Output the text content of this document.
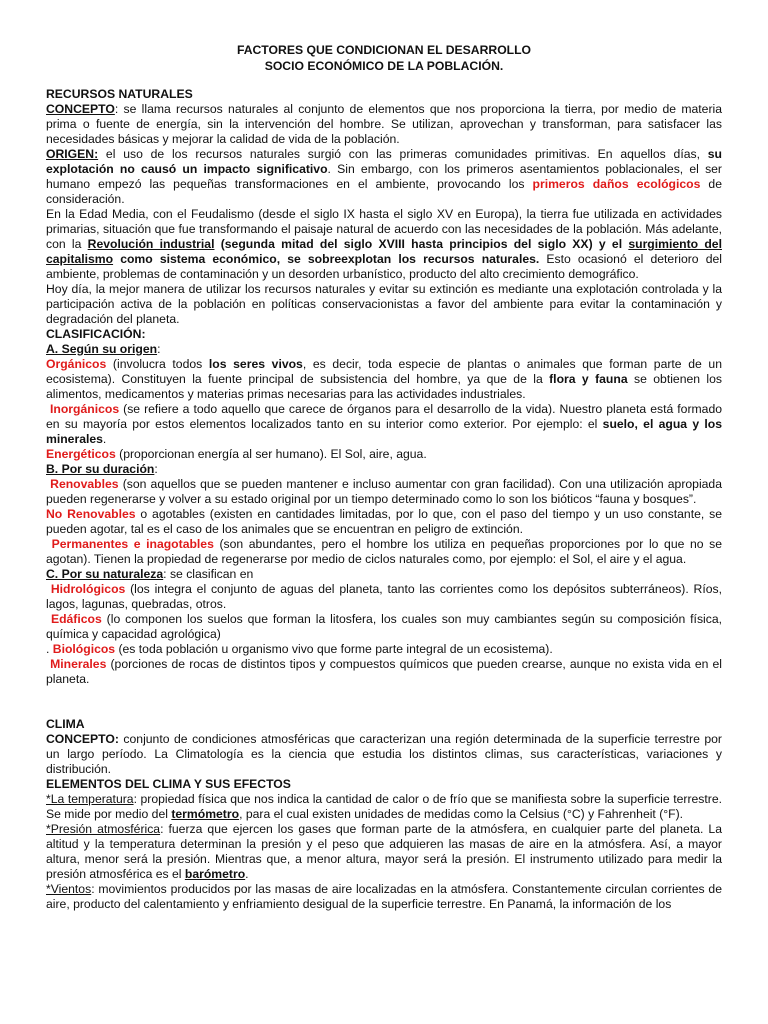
FACTORES QUE CONDICIONAN EL DESARROLLO
SOCIO ECONÓMICO DE LA POBLACIÓN.

RECURSOS NATURALES

CONCEPTO: se llama recursos naturales al conjunto de elementos que nos proporciona la tierra, por medio de materia prima o fuente de energía, sin la intervención del hombre. Se utilizan, aprovechan y transforman, para satisfacer las necesidades básicas y mejorar la calidad de vida de la población.

ORIGEN: el uso de los recursos naturales surgió con las primeras comunidades primitivas. En aquellos días, su explotación no causó un impacto significativo. Sin embargo, con los primeros asentamientos poblacionales, el ser humano empezó las pequeñas transformaciones en el ambiente, provocando los primeros daños ecológicos de consideración.

En la Edad Media, con el Feudalismo (desde el siglo IX hasta el siglo XV en Europa), la tierra fue utilizada en actividades primarias, situación que fue transformando el paisaje natural de acuerdo con las necesidades de la población. Más adelante, con la Revolución industrial (segunda mitad del siglo XVIII hasta principios del siglo XX) y el surgimiento del capitalismo como sistema económico, se sobreexplotan los recursos naturales. Esto ocasionó el deterioro del ambiente, problemas de contaminación y un desorden urbanístico, producto del alto crecimiento demográfico.

Hoy día, la mejor manera de utilizar los recursos naturales y evitar su extinción es mediante una explotación controlada y la participación activa de la población en políticas conservacionistas a favor del ambiente para evitar la contaminación y degradación del planeta.

CLASIFICACIÓN:

A. Según su origen:

Orgánicos (involucra todos los seres vivos, es decir, toda especie de plantas o animales que forman parte de un ecosistema). Constituyen la fuente principal de subsistencia del hombre, ya que de la flora y fauna se obtienen los alimentos, medicamentos y materias primas necesarias para las actividades industriales.

Inorgánicos (se refiere a todo aquello que carece de órganos para el desarrollo de la vida). Nuestro planeta está formado en su mayoría por estos elementos localizados tanto en su interior como exterior. Por ejemplo: el suelo, el agua y los minerales.

Energéticos (proporcionan energía al ser humano). El Sol, aire, agua.

B. Por su duración:

Renovables (son aquellos que se pueden mantener e incluso aumentar con gran facilidad). Con una utilización apropiada pueden regenerarse y volver a su estado original por un tiempo determinado como lo son los bióticos “fauna y bosques”.

No Renovables o agotables (existen en cantidades limitadas, por lo que, con el paso del tiempo y un uso constante, se pueden agotar, tal es el caso de los animales que se encuentran en peligro de extinción.

Permanentes e inagotables (son abundantes, pero el hombre los utiliza en pequeñas proporciones por lo que no se agotan). Tienen la propiedad de regenerarse por medio de ciclos naturales como, por ejemplo: el Sol, el aire y el agua.

C. Por su naturaleza: se clasifican en

Hidrológicos (los integra el conjunto de aguas del planeta, tanto las corrientes como los depósitos subterráneos). Ríos, lagos, lagunas, quebradas, otros.

Edáficos (lo componen los suelos que forman la litosfera, los cuales son muy cambiantes según su composición física, química y capacidad agrológica)

. Biológicos (es toda población u organismo vivo que forme parte integral de un ecosistema).

Minerales (porciones de rocas de distintos tipos y compuestos químicos que pueden crearse, aunque no exista vida en el planeta.

CLIMA

CONCEPTO: conjunto de condiciones atmosféricas que caracterizan una región determinada de la superficie terrestre por un largo período. La Climatología es la ciencia que estudia los distintos climas, sus características, variaciones y distribución.

ELEMENTOS DEL CLIMA Y SUS EFECTOS

*La temperatura: propiedad física que nos indica la cantidad de calor o de frío que se manifiesta sobre la superficie terrestre. Se mide por medio del termómetro, para el cual existen unidades de medidas como la Celsius (°C) y Fahrenheit (°F).

*Presión atmosférica: fuerza que ejercen los gases que forman parte de la atmósfera, en cualquier parte del planeta. La altitud y la temperatura determinan la presión y el peso que adquieren las masas de aire en la atmósfera. Así, a mayor altura, menor será la presión. Mientras que, a menor altura, mayor será la presión. El instrumento utilizado para medir la presión atmosférica es el barómetro.

*Vientos: movimientos producidos por las masas de aire localizadas en la atmósfera. Constantemente circulan corrientes de aire, producto del calentamiento y enfriamiento desigual de la superficie terrestre. En Panamá, la información de los
